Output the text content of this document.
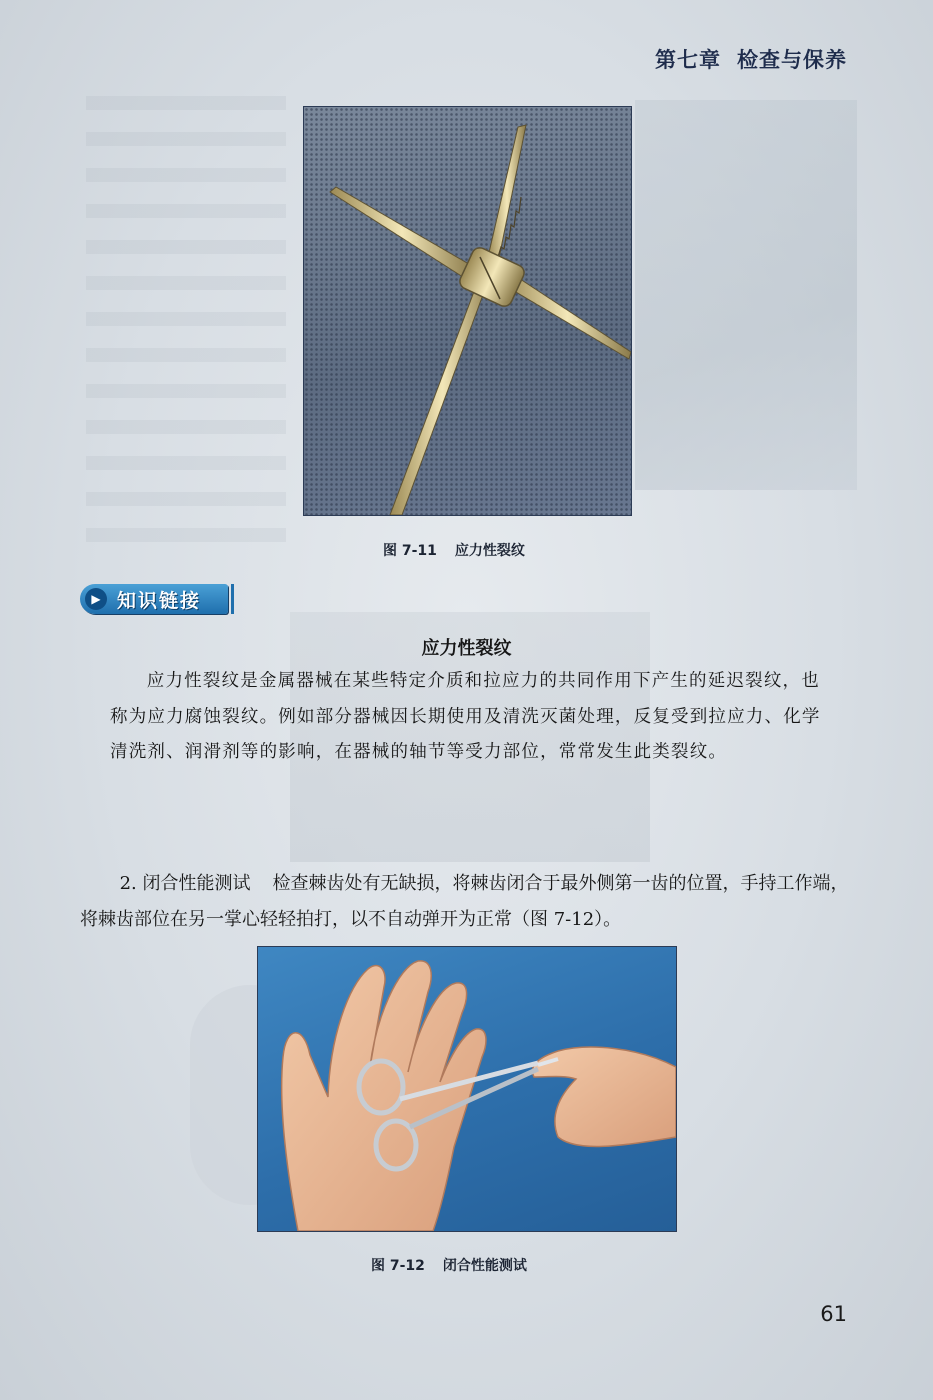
第七章 检查与保养
图 7-11 应力性裂纹
▶ 知识链接
应力性裂纹

应力性裂纹是金属器械在某些特定介质和拉应力的共同作用下产生的延迟裂纹，也称为应力腐蚀裂纹。例如部分器械因长期使用及清洗灭菌处理，反复受到拉应力、化学清洗剂、润滑剂等的影响，在器械的轴节等受力部位，常常发生此类裂纹。

2. 闭合性能测试 检查棘齿处有无缺损，将棘齿闭合于最外侧第一齿的位置，手持工作端，将棘齿部位在另一掌心轻轻拍打，以不自动弹开为正常（图 7-12）。

图 7-12 闭合性能测试
61
